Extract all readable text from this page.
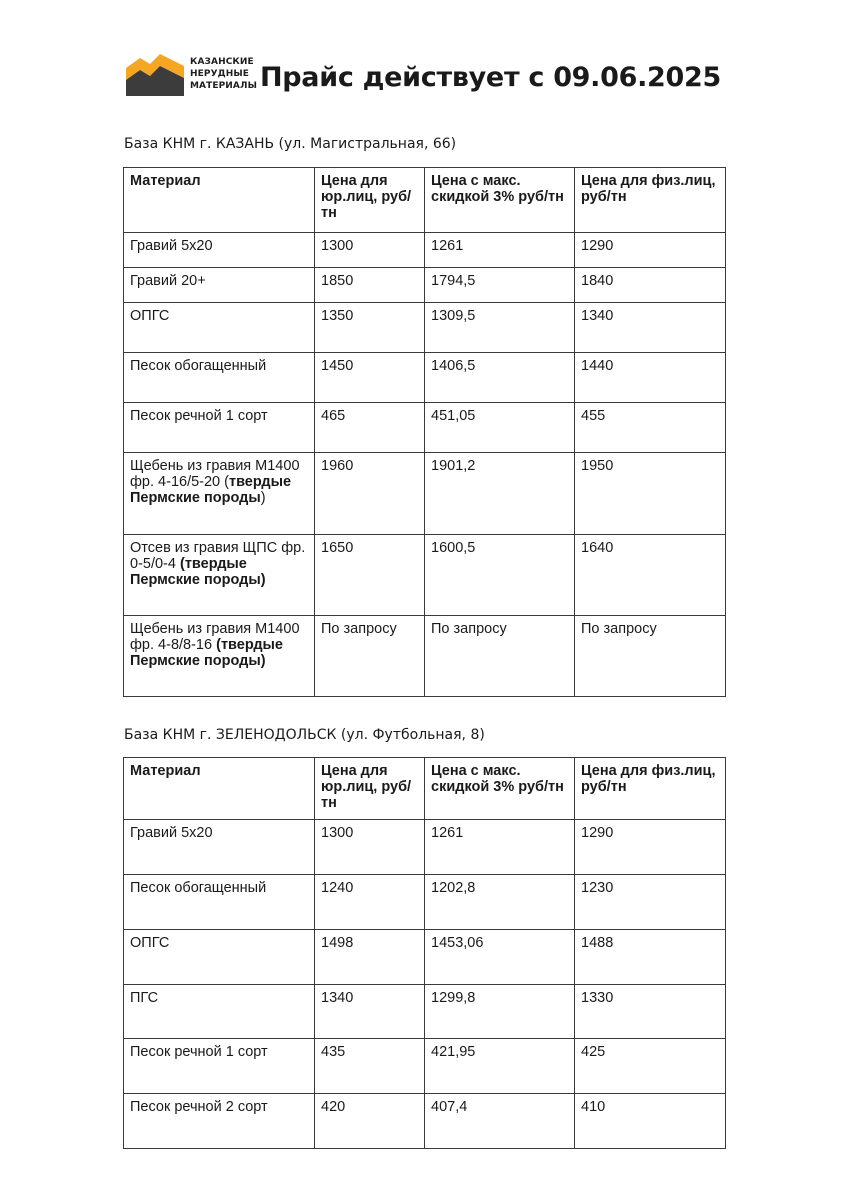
КАЗАНСКИЕ
НЕРУДНЫЕ
МАТЕРИАЛЫ Прайс действует с 09.06.2025
База КНМ г. КАЗАНЬ (ул. Магистральная, 66)
Материал	Цена для юр.лиц, руб/тн	Цена с макс. скидкой 3% руб/тн	Цена для физ.лиц, руб/тн
Гравий 5х20	1300	1261	1290
Гравий 20+	1850	1794,5	1840
ОПГС	1350	1309,5	1340
Песок обогащенный	1450	1406,5	1440
Песок речной 1 сорт	465	451,05	455
Щебень из гравия М1400 фр. 4-16/5-20 (твердые Пермские породы)	1960	1901,2	1950
Отсев из гравия ЩПС фр. 0-5/0-4 (твердые Пермские породы)	1650	1600,5	1640
Щебень из гравия М1400 фр. 4-8/8-16 (твердые Пермские породы)	По запросу	По запросу	По запросу
База КНМ г. ЗЕЛЕНОДОЛЬСК (ул. Футбольная, 8)
Материал	Цена для юр.лиц, руб/тн	Цена с макс. скидкой 3% руб/тн	Цена для физ.лиц, руб/тн
Гравий 5х20	1300	1261	1290
Песок обогащенный	1240	1202,8	1230
ОПГС	1498	1453,06	1488
ПГС	1340	1299,8	1330
Песок речной 1 сорт	435	421,95	425
Песок речной 2 сорт	420	407,4	410
